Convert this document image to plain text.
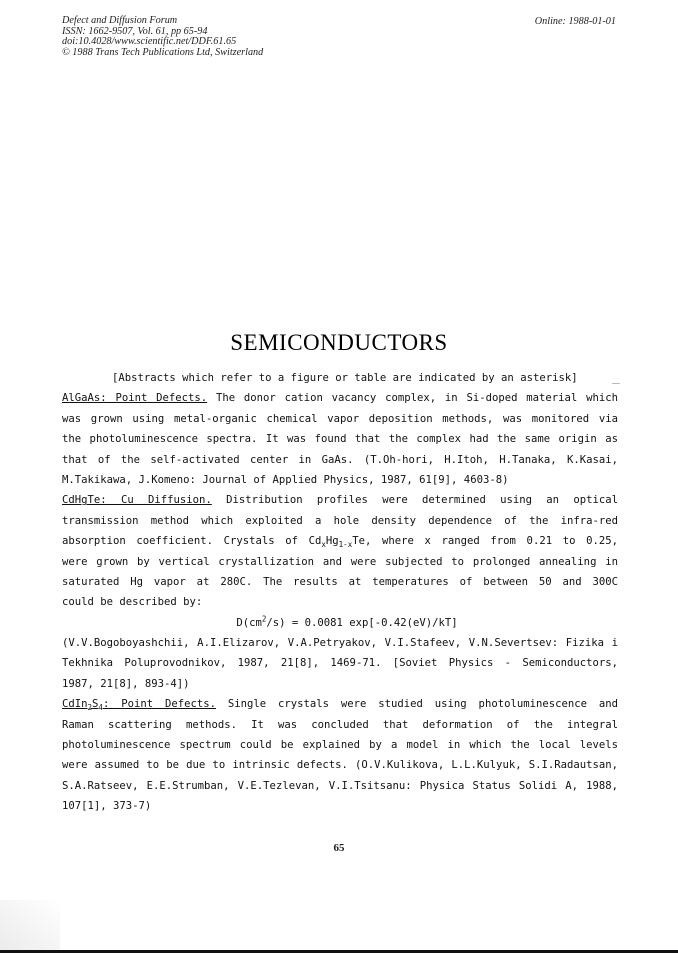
Defect and Diffusion Forum
ISSN: 1662-9507, Vol. 61, pp 65-94
doi:10.4028/www.scientific.net/DDF.61.65
© 1988 Trans Tech Publications Ltd, Switzerland
Online: 1988-01-01
SEMICONDUCTORS
[Abstracts which refer to a figure or table are indicated by an asterisk]
AlGaAs: Point Defects. The donor cation vacancy complex, in Si-doped material which
was grown using metal-organic chemical vapor deposition methods, was monitored via
the photoluminescence spectra. It was found that the complex had the same origin as
that of the self-activated center in GaAs. (T.Oh-hori, H.Itoh, H.Tanaka, K.Kasai,
M.Takikawa, J.Komeno: Journal of Applied Physics, 1987, 61[9], 4603-8)
CdHgTe: Cu Diffusion. Distribution profiles were determined using an optical
transmission method which exploited a hole density dependence of the infra-red
absorption coefficient. Crystals of $Cd_xHg_{1-x}Te$, where x ranged from 0.21 to 0.25,
were grown by vertical crystallization and were subjected to prolonged annealing in
saturated Hg vapor at 280C. The results at temperatures of between 50 and 300C
could be described by:
$D(cm^2/s) = 0.0081$ exp[-0.42(eV)/kT]
(V.V.Bogoboyashchii, A.I.Elizarov, V.A.Petryakov, V.I.Stafeev, V.N.Severtsev: Fizika i
Tekhnika Poluprovodnikov, 1987, 21[8], 1469-71. [Soviet Physics - Semiconductors,
1987, 21[8], 893-4])
$CdIn_2S_4$: Point Defects. Single crystals were studied using photoluminescence and
Raman scattering methods. It was concluded that deformation of the integral
photoluminescence spectrum could be explained by a model in which the local levels
were assumed to be due to intrinsic defects. (O.V.Kulikova, L.L.Kulyuk, S.I.Radautsan,
S.A.Ratseev, E.E.Strumban, V.E.Tezlevan, V.I.Tsitsanu: Physica Status Solidi A, 1988,
107[1], 373-7)
65
